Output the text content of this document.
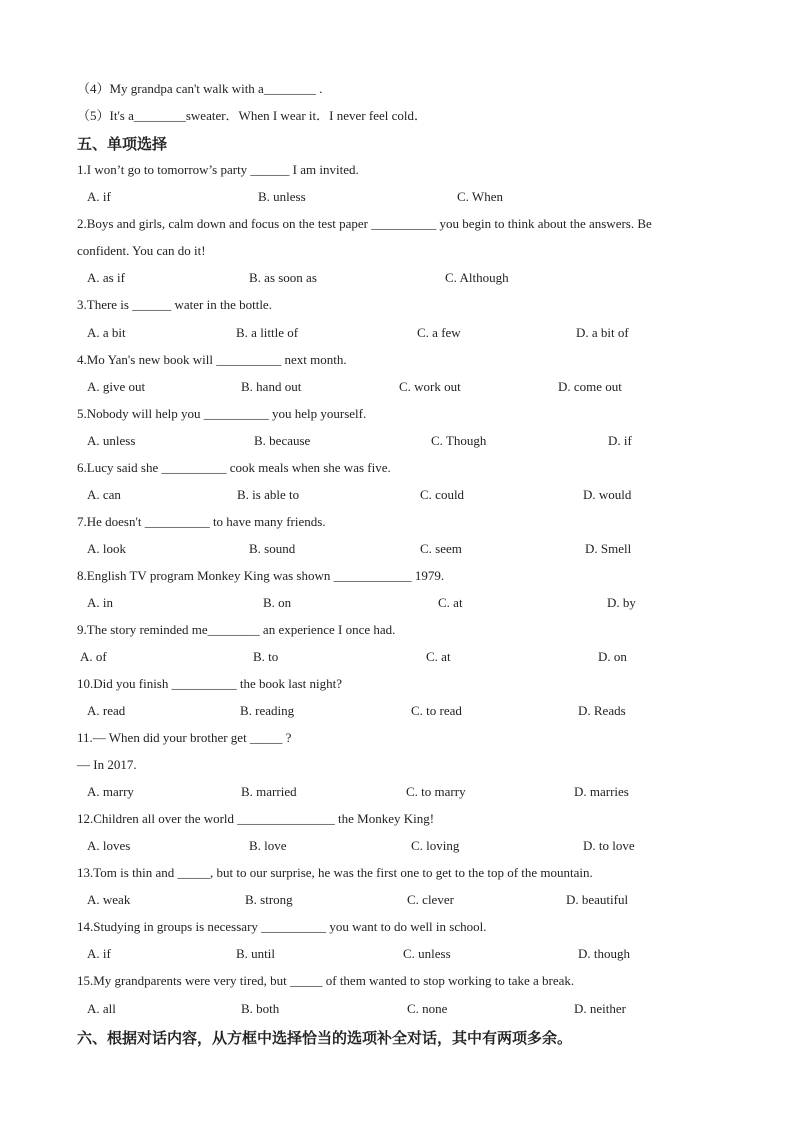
（4）My grandpa can't walk with a________ .
（5）It's a________sweater．When I wear it．I never feel cold．
五、单项选择
1.I won’t go to tomorrow’s party ______ I am invited.
A. if	B. unless	C. When
2.Boys and girls, calm down and focus on the test paper __________ you begin to think about the answers. Be
confident. You can do it!
A. as if	B. as soon as	C. Although
3.There is ______ water in the bottle.
A. a bit	B. a little of	C. a few	D. a bit of
4.Mo Yan's new book will __________ next month.
A. give out	B. hand out	C. work out	D. come out
5.Nobody will help you __________ you help yourself.
A. unless	B. because	C. Though	D. if
6.Lucy said she __________ cook meals when she was five.
A. can	B. is able to	C. could	D. would
7.He doesn't __________ to have many friends.
A. look	B. sound	C. seem	D. Smell
8.English TV program Monkey King was shown ____________ 1979.
A. in	B. on	C. at	D. by
9.The story reminded me________ an experience I once had.
A. of	B. to	C. at	D. on
10.Did you finish __________ the book last night?
A. read	B. reading	C. to read	D. Reads
11.— When did your brother get _____ ?
— In 2017.
A. marry	B. married	C. to marry	D. marries
12.Children all over the world _______________ the Monkey King!
A. loves	B. love	C. loving	D. to love
13.Tom is thin and _____, but to our surprise, he was the first one to get to the top of the mountain.
A. weak	B. strong	C. clever	D. beautiful
14.Studying in groups is necessary __________ you want to do well in school.
A. if	B. until	C. unless	D. though
15.My grandparents were very tired, but _____ of them wanted to stop working to take a break.
A. all	B. both	C. none	D. neither
六、根据对话内容，从方框中选择恰当的选项补全对话，其中有两项多余。
